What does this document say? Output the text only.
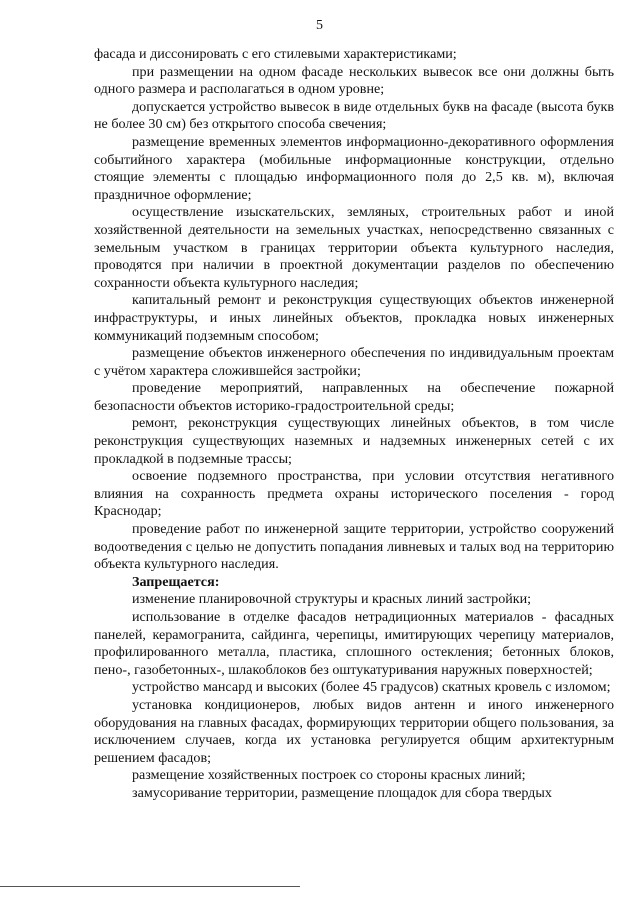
5

фасада и диссонировать с его стилевыми характеристиками;

при размещении на одном фасаде нескольких вывесок все они должны быть одного размера и располагаться в одном уровне;

допускается устройство вывесок в виде отдельных букв на фасаде (высота букв не более 30 см) без открытого способа свечения;

размещение временных элементов информационно-декоративного оформления событийного характера (мобильные информационные конструкции, отдельно стоящие элементы с площадью информационного поля до 2,5 кв. м), включая праздничное оформление;

осуществление изыскательских, земляных, строительных работ и иной хозяйственной деятельности на земельных участках, непосредственно связанных с земельным участком в границах территории объекта культурного наследия, проводятся при наличии в проектной документации разделов по обеспечению сохранности объекта культурного наследия;

капитальный ремонт и реконструкция существующих объектов инженерной инфраструктуры, и иных линейных объектов, прокладка новых инженерных коммуникаций подземным способом;

размещение объектов инженерного обеспечения по индивидуальным проектам с учётом характера сложившейся застройки;

проведение мероприятий, направленных на обеспечение пожарной безопасности объектов историко-градостроительной среды;

ремонт, реконструкция существующих линейных объектов, в том числе реконструкция существующих наземных и надземных инженерных сетей с их прокладкой в подземные трассы;

освоение подземного пространства, при условии отсутствия негативного влияния на сохранность предмета охраны исторического поселения - город Краснодар;

проведение работ по инженерной защите территории, устройство сооружений водоотведения с целью не допустить попадания ливневых и талых вод на территорию объекта культурного наследия.

Запрещается:

изменение планировочной структуры и красных линий застройки;

использование в отделке фасадов нетрадиционных материалов - фасадных панелей, керамогранита, сайдинга, черепицы, имитирующих черепицу материалов, профилированного металла, пластика, сплошного остекления; бетонных блоков, пено-, газобетонных-, шлакоблоков без оштукатуривания наружных поверхностей;

устройство мансард и высоких (более 45 градусов) скатных кровель с изломом;

установка кондиционеров, любых видов антенн и иного инженерного оборудования на главных фасадах, формирующих территории общего пользования, за исключением случаев, когда их установка регулируется общим архитектурным решением фасадов;

размещение хозяйственных построек со стороны красных линий;

замусоривание территории, размещение площадок для сбора твердых
